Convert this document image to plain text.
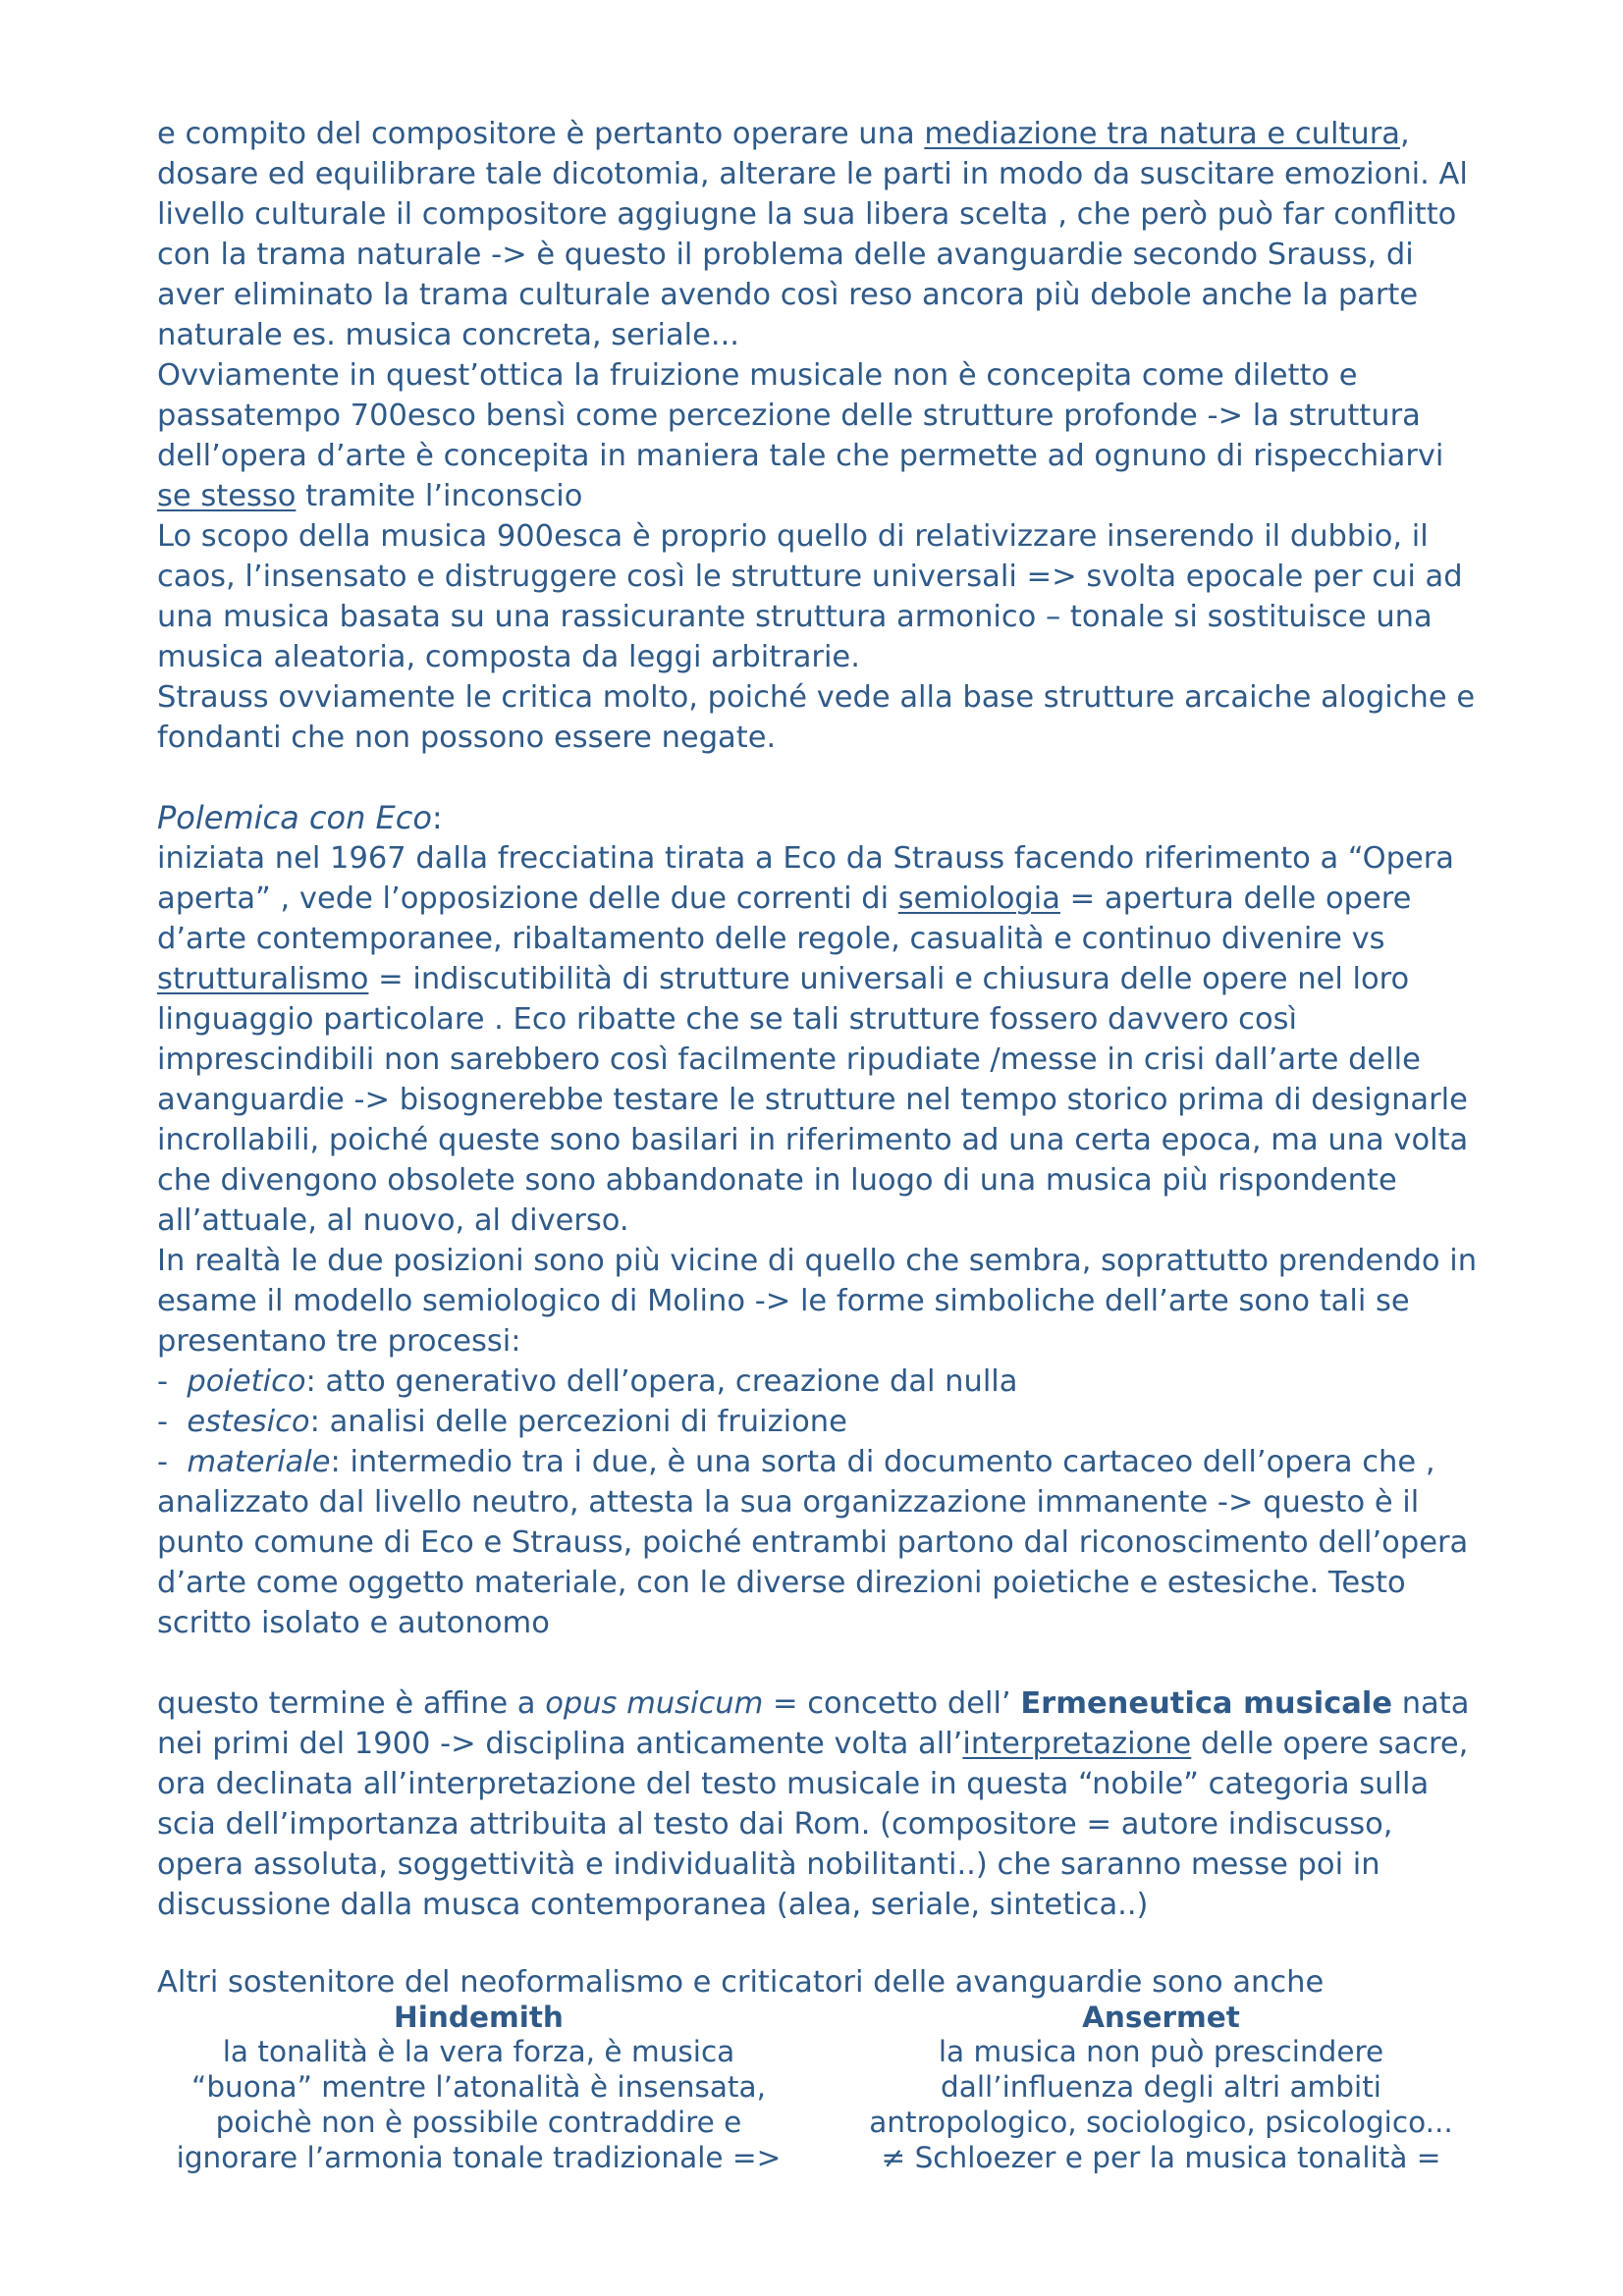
e compito del compositore è pertanto operare una mediazione tra natura e cultura, dosare ed equilibrare tale dicotomia, alterare le parti in modo da suscitare emozioni. Al livello culturale il compositore aggiugne la sua libera scelta , che però può far conflitto con la trama naturale -> è questo il problema delle avanguardie secondo Srauss, di aver eliminato la trama culturale avendo così reso ancora più debole anche la parte naturale es. musica concreta, seriale...

Ovviamente in quest’ottica la fruizione musicale non è concepita come diletto e passatempo 700esco bensì come percezione delle strutture profonde -> la struttura dell’opera d’arte è concepita in maniera tale che permette ad ognuno di rispecchiarvi se stesso tramite l’inconscio

Lo scopo della musica 900esca è proprio quello di relativizzare inserendo il dubbio, il caos, l’insensato e distruggere così le strutture universali => svolta epocale per cui ad una musica basata su una rassicurante struttura armonico – tonale si sostituisce una musica aleatoria, composta da leggi arbitrarie.

Strauss ovviamente le critica molto, poiché vede alla base strutture arcaiche alogiche e fondanti che non possono essere negate.

Polemica con Eco:

iniziata nel 1967 dalla frecciatina tirata a Eco da Strauss facendo riferimento a “Opera aperta” , vede l’opposizione delle due correnti di semiologia = apertura delle opere d’arte contemporanee, ribaltamento delle regole, casualità e continuo divenire vs strutturalismo = indiscutibilità di strutture universali e chiusura delle opere nel loro linguaggio particolare . Eco ribatte che se tali strutture fossero davvero così imprescindibili non sarebbero così facilmente ripudiate /messe in crisi dall’arte delle avanguardie -> bisognerebbe testare le strutture nel tempo storico prima di designarle incrollabili, poiché queste sono basilari in riferimento ad una certa epoca, ma una volta che divengono obsolete sono abbandonate in luogo di una musica più rispondente all’attuale, al nuovo, al diverso.

In realtà le due posizioni sono più vicine di quello che sembra, soprattutto prendendo in esame il modello semiologico di Molino -> le forme simboliche dell’arte sono tali se presentano tre processi:

-  poietico: atto generativo dell’opera, creazione dal nulla

-  estesico: analisi delle percezioni di fruizione

-  materiale: intermedio tra i due, è una sorta di documento cartaceo dell’opera che , analizzato dal livello neutro, attesta la sua organizzazione immanente -> questo è il punto comune di Eco e Strauss, poiché entrambi partono dal riconoscimento dell’opera d’arte come oggetto materiale, con le diverse direzioni poietiche e estesiche. Testo scritto isolato e autonomo

questo termine è affine a opus musicum = concetto dell’ Ermeneutica musicale nata nei primi del 1900 -> disciplina anticamente volta all’interpretazione delle opere sacre, ora declinata all’interpretazione del testo musicale in questa “nobile” categoria sulla scia dell’importanza attribuita al testo dai Rom. (compositore = autore indiscusso, opera assoluta, soggettività e individualità nobilitanti..) che saranno messe poi in discussione dalla musca contemporanea (alea, seriale, sintetica..)

Altri sostenitore del neoformalismo e criticatori delle avanguardie sono anche

Hindemith
la tonalità è la vera forza, è musica
“buona” mentre l’atonalità è insensata,
poichè non è possibile contraddire e
ignorare l’armonia tonale tradizionale =>
Ansermet
la musica non può prescindere
dall’influenza degli altri ambiti
antropologico, sociologico, psicologico...
≠ Schloezer e per la musica tonalità =
